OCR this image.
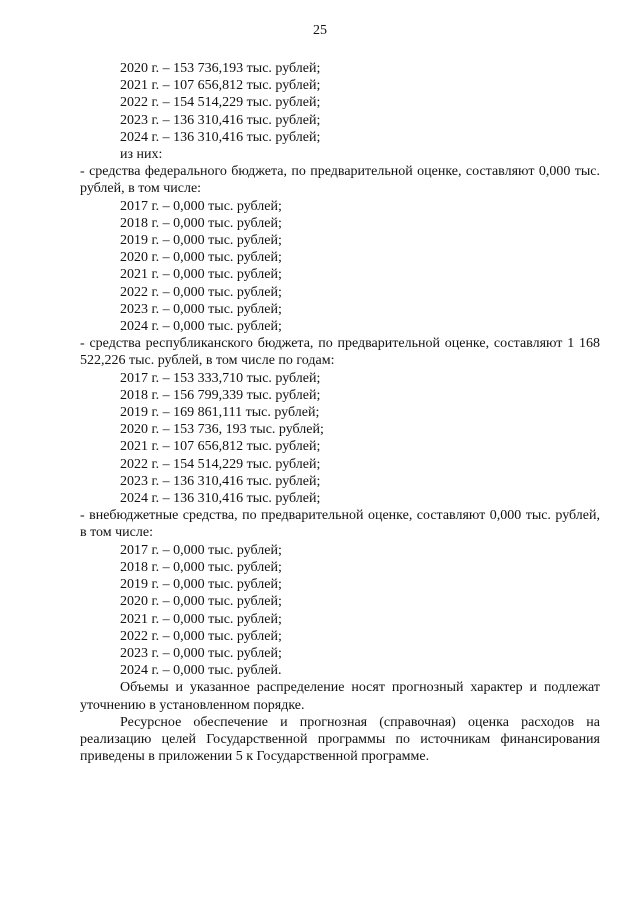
25
2020 г. – 153 736,193 тыс. рублей;
2021 г. – 107 656,812 тыс. рублей;
2022 г. – 154 514,229 тыс. рублей;
2023 г. – 136 310,416 тыс. рублей;
2024 г. – 136 310,416 тыс. рублей;
из них:
- средства федерального бюджета, по предварительной оценке, составляют 0,000 тыс. рублей, в том числе:
2017 г. – 0,000 тыс. рублей;
2018 г. – 0,000 тыс. рублей;
2019 г. – 0,000 тыс. рублей;
2020 г. – 0,000 тыс. рублей;
2021 г. – 0,000 тыс. рублей;
2022 г. – 0,000 тыс. рублей;
2023 г. – 0,000 тыс. рублей;
2024 г. – 0,000 тыс. рублей;
- средства республиканского бюджета, по предварительной оценке, составляют 1 168 522,226 тыс. рублей, в том числе по годам:
2017 г. – 153 333,710 тыс. рублей;
2018 г. – 156 799,339 тыс. рублей;
2019 г. – 169 861,111 тыс. рублей;
2020 г. – 153 736, 193 тыс. рублей;
2021 г. – 107 656,812 тыс. рублей;
2022 г. – 154 514,229 тыс. рублей;
2023 г. – 136 310,416 тыс. рублей;
2024 г. – 136 310,416 тыс. рублей;
- внебюджетные средства, по предварительной оценке, составляют 0,000 тыс. рублей, в том числе:
2017 г. – 0,000 тыс. рублей;
2018 г. – 0,000 тыс. рублей;
2019 г. – 0,000 тыс. рублей;
2020 г. – 0,000 тыс. рублей;
2021 г. – 0,000 тыс. рублей;
2022 г. – 0,000 тыс. рублей;
2023 г. – 0,000 тыс. рублей;
2024 г. – 0,000 тыс. рублей.
Объемы и указанное распределение носят прогнозный характер и подлежат уточнению в установленном порядке.
Ресурсное обеспечение и прогнозная (справочная) оценка расходов на реализацию целей Государственной программы по источникам финансирования приведены в приложении 5 к Государственной программе.
